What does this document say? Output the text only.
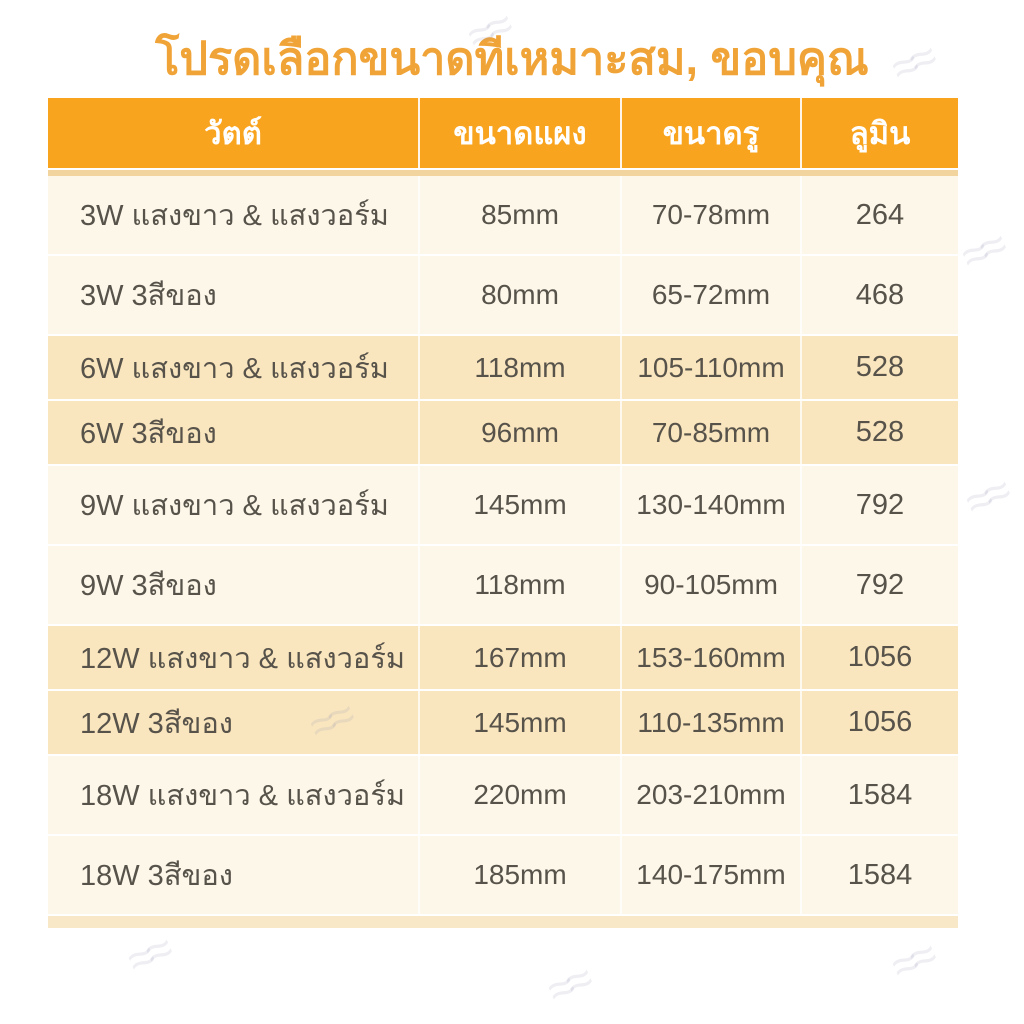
โปรดเลือกขนาดทีเหมาะสม, ขอบคุณ
วัตต์	ขนาดแผง	ขนาดรู	ลูมิน
3W แสงขาว & แสงวอร์ม	85mm	70-78mm	264
3W 3สีของ	80mm	65-72mm	468
6W แสงขาว & แสงวอร์ม	118mm	105-110mm	528
6W 3สีของ	96mm	70-85mm	528
9W แสงขาว & แสงวอร์ม	145mm	130-140mm	792
9W 3สีของ	118mm	90-105mm	792
12W แสงขาว & แสงวอร์ม	167mm	153-160mm	1056
12W 3สีของ	145mm	110-135mm	1056
18W แสงขาว & แสงวอร์ม	220mm	203-210mm	1584
18W 3สีของ	185mm	140-175mm	1584
≈≈
≈≈
≈≈
≈≈
≈≈
≈≈
≈≈
≈≈
